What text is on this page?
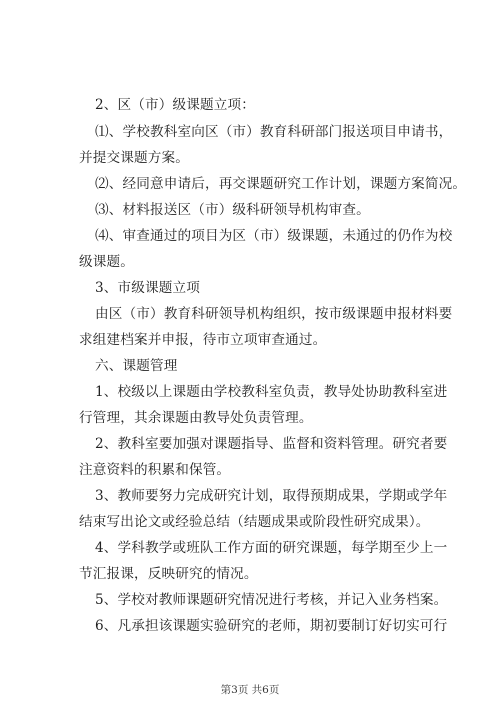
2、区（市）级课题立项：
⑴、学校教科室向区（市）教育科研部门报送项目申请书，
并提交课题方案。
⑵、经同意申请后，再交课题研究工作计划，课题方案简况。
⑶、材料报送区（市）级科研领导机构审查。
⑷、审查通过的项目为区（市）级课题，未通过的仍作为校
级课题。
3、市级课题立项
由区（市）教育科研领导机构组织，按市级课题申报材料要
求组建档案并申报，待市立项审查通过。
六、课题管理
1、校级以上课题由学校教科室负责，教导处协助教科室进
行管理，其余课题由教导处负责管理。
2、教科室要加强对课题指导、监督和资料管理。研究者要
注意资料的积累和保管。
3、教师要努力完成研究计划，取得预期成果，学期或学年
结束写出论文或经验总结（结题成果或阶段性研究成果）。
4、学科教学或班队工作方面的研究课题，每学期至少上一
节汇报课，反映研究的情况。
5、学校对教师课题研究情况进行考核，并记入业务档案。
6、凡承担该课题实验研究的老师，期初要制订好切实可行
第3页 共6页
